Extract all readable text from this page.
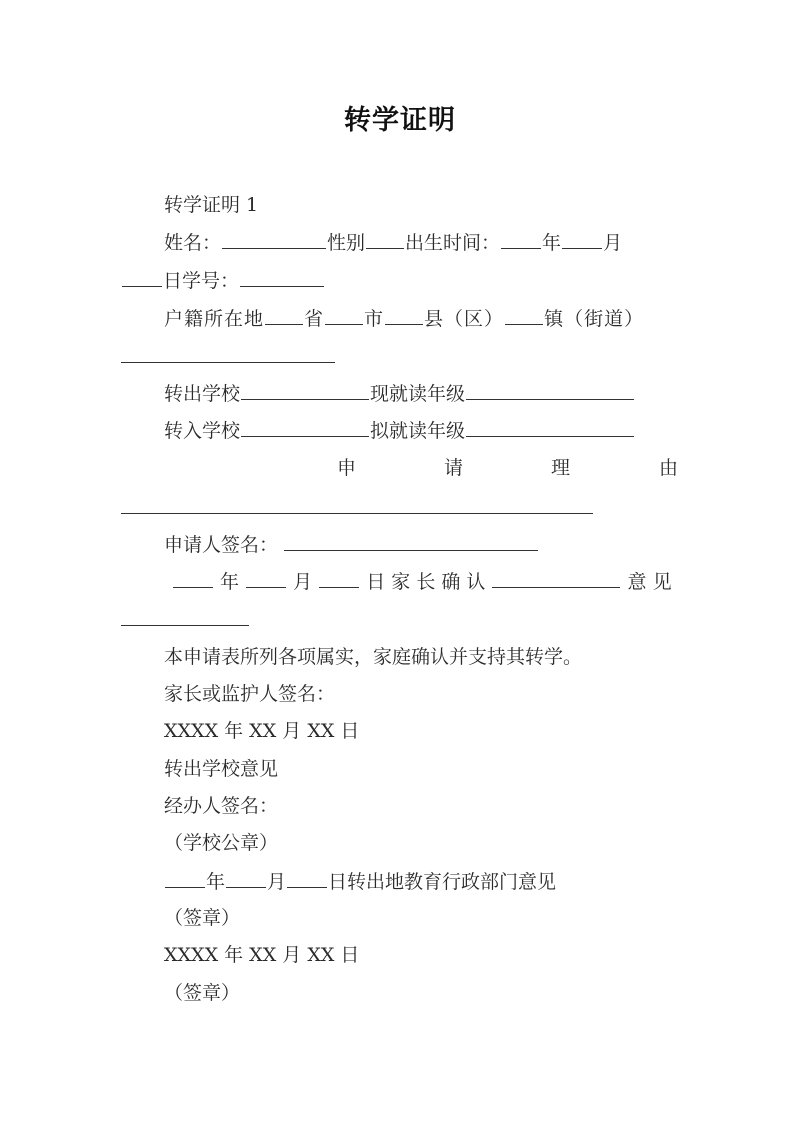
转学证明
转学证明 1
姓名：	性别 出生时间： 年 月
日学号：
户籍所在地 省 市 县（区） 镇（街道）
转出学校	现就读年级
转入学校	拟就读年级
申	请	理	由
申请人签名：
年	月	日 家 长 确 认	意 见
本申请表所列各项属实，家庭确认并支持其转学。
家长或监护人签名：
XXXX 年 XX 月 XX 日
转出学校意见
经办人签名：
（学校公章）
年 月 日转出地教育行政部门意见
（签章）
XXXX 年 XX 月 XX 日
（签章）
